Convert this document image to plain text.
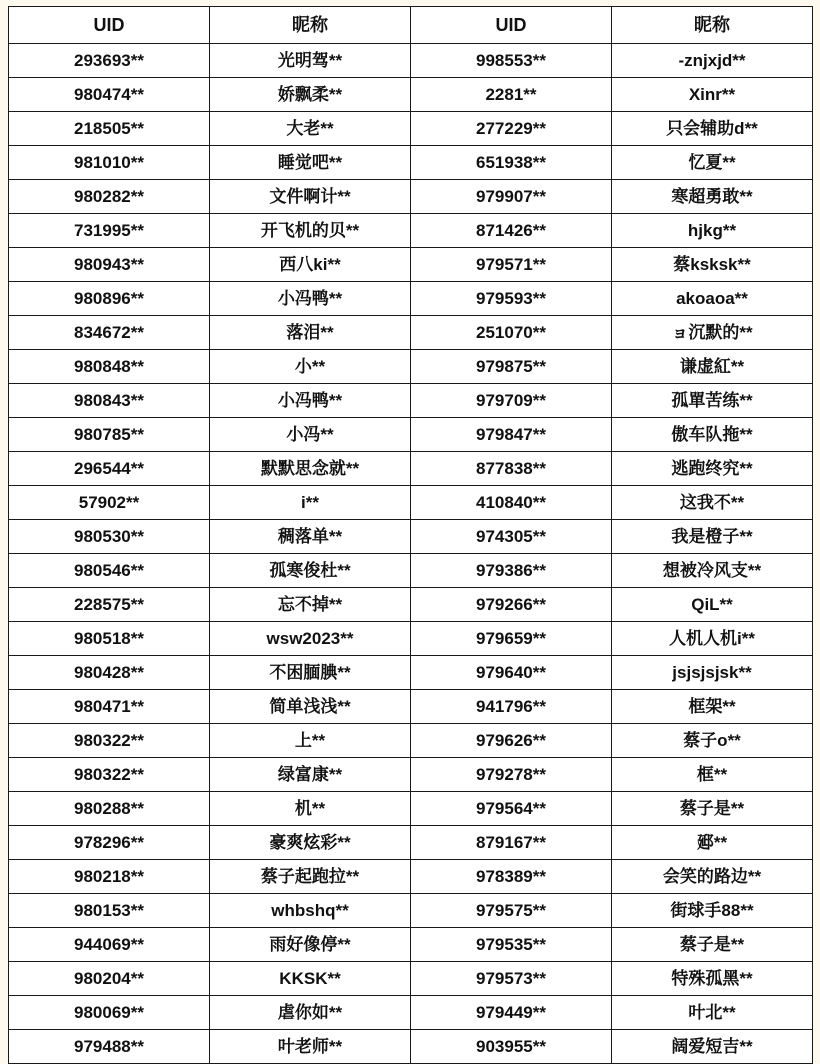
UID	昵称	UID	昵称
293693**	光明驾**	998553**	-znjxjd**
980474**	娇飘柔**	2281**	Xinr**
218505**	大老**	277229**	只会辅助d**
981010**	睡觉吧**	651938**	忆夏**
980282**	文件啊计**	979907**	寒超勇敢**
731995**	开飞机的贝**	871426**	hjkg**
980943**	西八ki**	979571**	蔡ksksk**
980896**	小冯鸭**	979593**	akoaoa**
834672**	落泪**	251070**	ョ沉默的**
980848**	小**	979875**	谦虚紅**
980843**	小冯鸭**	979709**	孤單苦练**
980785**	小冯**	979847**	傲车队拖**
296544**	默默思念就**	877838**	逃跑终究**
57902**	i**	410840**	这我不**
980530**	稠落单**	974305**	我是橙子**
980546**	孤寒俊杜**	979386**	想被冷风支**
228575**	忘不掉**	979266**	QiL**
980518**	wsw2023**	979659**	人机人机i**
980428**	不困腼腆**	979640**	jsjsjsjsk**
980471**	简单浅浅**	941796**	框架**
980322**	上**	979626**	蔡子o**
980322**	绿富康**	979278**	框**
980288**	机**	979564**	蔡子是**
978296**	豪爽炫彩**	879167**	郔**
980218**	蔡子起跑拉**	978389**	会笑的路边**
980153**	whbshq**	979575**	街球手88**
944069**	雨好像停**	979535**	蔡子是**
980204**	KKSK**	979573**	特殊孤黑**
980069**	虐你如**	979449**	叶北**
979488**	叶老师**	903955**	阔爱短吉**
